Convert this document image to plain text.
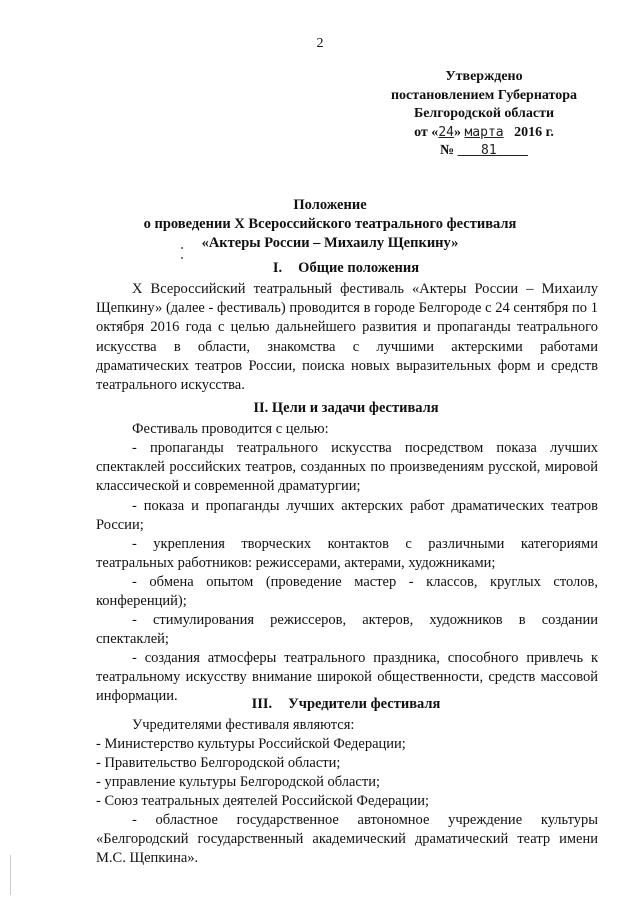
2
Утверждено
постановлением Губернатора
Белгородской области
от «24» марта 2016 г.
№ 81
Положение
о проведении X Всероссийского театрального фестиваля
«Актеры России – Михаилу Щепкину»
I. Общие положения

X Всероссийский театральный фестиваль «Актеры России – Михаилу Щепкину» (далее - фестиваль) проводится в городе Белгороде с 24 сентября по 1 октября 2016 года с целью дальнейшего развития и пропаганды театрального искусства в области, знакомства с лучшими актерскими работами драматических театров России, поиска новых выразительных форм и средств театрального искусства.

II. Цели и задачи фестиваля

Фестиваль проводится с целью:

- пропаганды театрального искусства посредством показа лучших спектаклей российских театров, созданных по произведениям русской, мировой классической и современной драматургии;

- показа и пропаганды лучших актерских работ драматических театров России;

- укрепления творческих контактов с различными категориями театральных работников: режиссерами, актерами, художниками;

- обмена опытом (проведение мастер - классов, круглых столов, конференций);

- стимулирования режиссеров, актеров, художников в создании спектаклей;

- создания атмосферы театрального праздника, способного привлечь к театральному искусству внимание широкой общественности, средств массовой информации.	III. Учредители фестиваля

Учредителями фестиваля являются:

- Министерство культуры Российской Федерации;

- Правительство Белгородской области;

- управление культуры Белгородской области;

- Союз театральных деятелей Российской Федерации;

- областное государственное автономное учреждение культуры «Белгородский государственный академический драматический театр имени М.С. Щепкина».
